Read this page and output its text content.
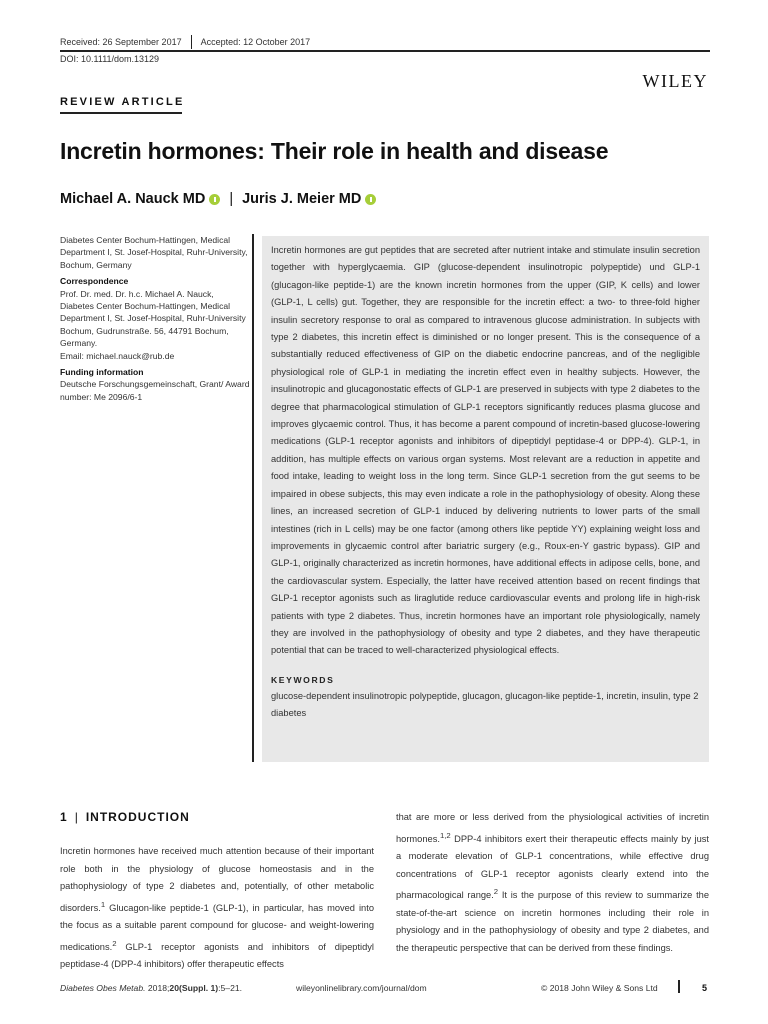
Received: 26 September 2017 Accepted: 12 October 2017
DOI: 10.1111/dom.13129
WILEY
REVIEW ARTICLE
Incretin hormones: Their role in health and disease
Michael A. Nauck MD | Juris J. Meier MD
Diabetes Center Bochum-Hattingen, Medical Department I, St. Josef-Hospital, Ruhr-University, Bochum, Germany
Correspondence
Prof. Dr. med. Dr. h.c. Michael A. Nauck, Diabetes Center Bochum-Hattingen, Medical Department I, St. Josef-Hospital, Ruhr-University Bochum, Gudrunstraße. 56, 44791 Bochum, Germany.
Email: michael.nauck@rub.de
Funding information
Deutsche Forschungsgemeinschaft, Grant/ Award number: Me 2096/6-1

Incretin hormones are gut peptides that are secreted after nutrient intake and stimulate insulin secretion together with hyperglycaemia. GIP (glucose-dependent insulinotropic polypeptide) und GLP-1 (glucagon-like peptide-1) are the known incretin hormones from the upper (GIP, K cells) and lower (GLP-1, L cells) gut. Together, they are responsible for the incretin effect: a two- to three-fold higher insulin secretory response to oral as compared to intravenous glucose administration. In subjects with type 2 diabetes, this incretin effect is diminished or no longer present. This is the consequence of a substantially reduced effectiveness of GIP on the diabetic endocrine pancreas, and of the negligible physiological role of GLP-1 in mediating the incretin effect even in healthy subjects. However, the insulinotropic and glucagonostatic effects of GLP-1 are preserved in subjects with type 2 diabetes to the degree that pharmacological stimulation of GLP-1 receptors significantly reduces plasma glucose and improves glycaemic control. Thus, it has become a parent compound of incretin-based glucose-lowering medications (GLP-1 receptor agonists and inhibitors of dipeptidyl peptidase-4 or DPP-4). GLP-1, in addition, has multiple effects on various organ systems. Most relevant are a reduction in appetite and food intake, leading to weight loss in the long term. Since GLP-1 secretion from the gut seems to be impaired in obese subjects, this may even indicate a role in the pathophysiology of obesity. Along these lines, an increased secretion of GLP-1 induced by delivering nutrients to lower parts of the small intestines (rich in L cells) may be one factor (among others like peptide YY) explaining weight loss and improvements in glycaemic control after bariatric surgery (e.g., Roux-en-Y gastric bypass). GIP and GLP-1, originally characterized as incretin hormones, have additional effects in adipose cells, bone, and the cardiovascular system. Especially, the latter have received attention based on recent findings that GLP-1 receptor agonists such as liraglutide reduce cardiovascular events and prolong life in high-risk patients with type 2 diabetes. Thus, incretin hormones have an important role physiologically, namely they are involved in the pathophysiology of obesity and type 2 diabetes, and they have therapeutic potential that can be traced to well-characterized physiological effects.

KEYWORDS
glucose-dependent insulinotropic polypeptide, glucagon, glucagon-like peptide-1, incretin, insulin, type 2 diabetes
1 | INTRODUCTION
Incretin hormones have received much attention because of their important role both in the physiology of glucose homeostasis and in the pathophysiology of type 2 diabetes and, potentially, of other metabolic disorders.$^1$ Glucagon-like peptide-1 (GLP-1), in particular, has moved into the focus as a suitable parent compound for glucose- and weight-lowering medications.$^2$ GLP-1 receptor agonists and inhibitors of dipeptidyl peptidase-4 (DPP-4 inhibitors) offer therapeutic effects
that are more or less derived from the physiological activities of incretin hormones.$^{1,2}$ DPP-4 inhibitors exert their therapeutic effects mainly by just a moderate elevation of GLP-1 concentrations, while effective drug concentrations of GLP-1 receptor agonists clearly extend into the pharmacological range.$^2$ It is the purpose of this review to summarize the state-of-the-art science on incretin hormones including their role in physiology and in the pathophysiology of obesity and type 2 diabetes, and the therapeutic perspective that can be derived from these findings.
Diabetes Obes Metab. 2018;20(Suppl. 1):5–21.	wileyonlinelibrary.com/journal/dom	© 2018 John Wiley & Sons Ltd	5
